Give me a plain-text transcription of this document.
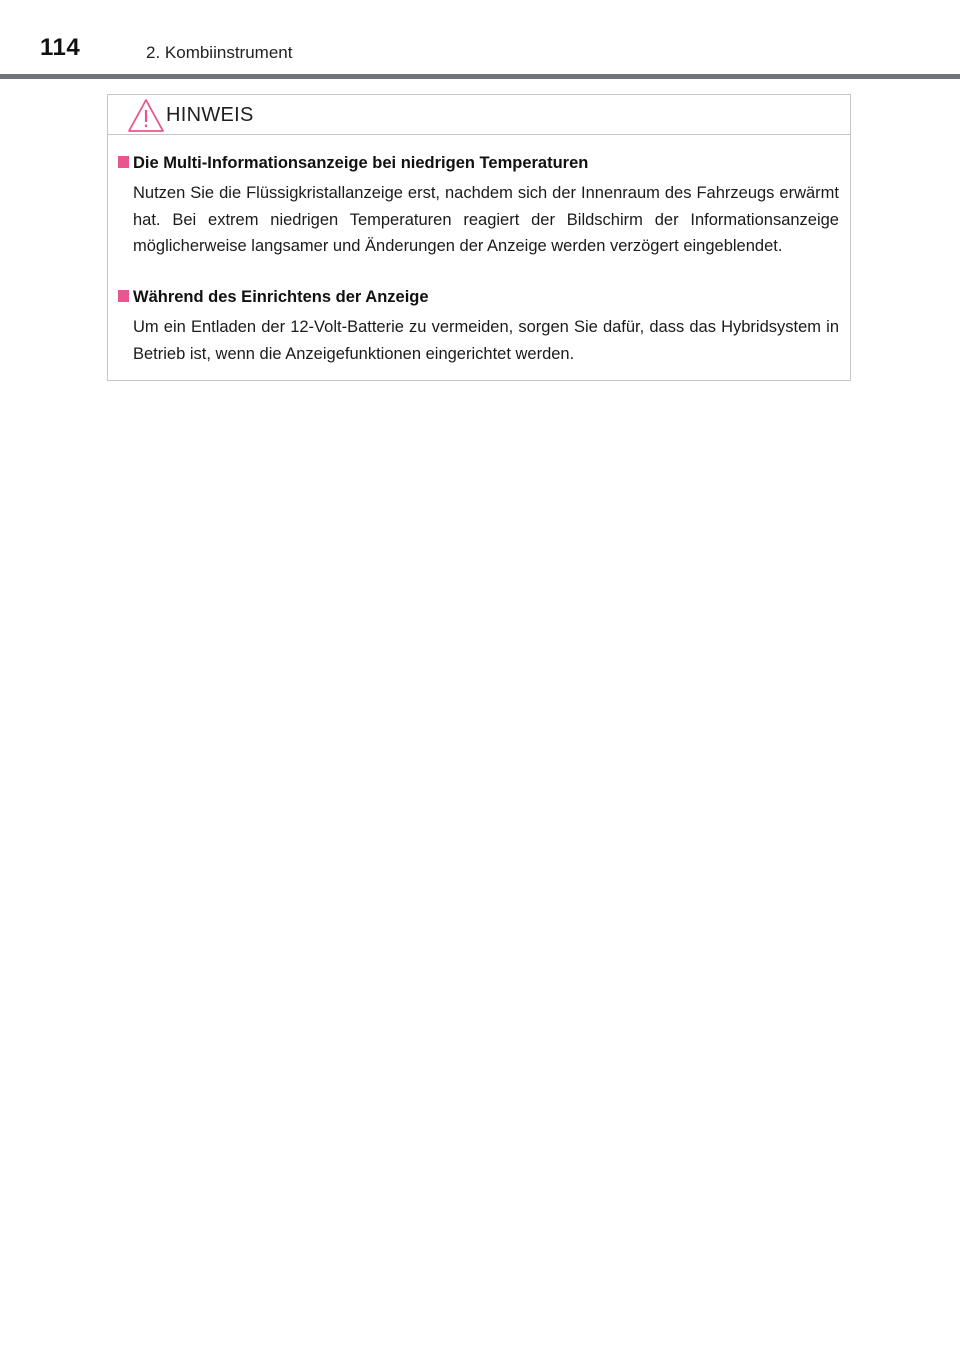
114	2. Kombiinstrument
HINWEIS
Die Multi-Informationsanzeige bei niedrigen Temperaturen

Nutzen Sie die Flüssigkristallanzeige erst, nachdem sich der Innenraum des Fahrzeugs erwärmt hat. Bei extrem niedrigen Temperaturen reagiert der Bildschirm der Informationsanzeige möglicherweise langsamer und Änderungen der Anzeige werden verzögert eingeblendet.

Während des Einrichtens der Anzeige

Um ein Entladen der 12-Volt-Batterie zu vermeiden, sorgen Sie dafür, dass das Hybridsystem in Betrieb ist, wenn die Anzeigefunktionen eingerichtet werden.
